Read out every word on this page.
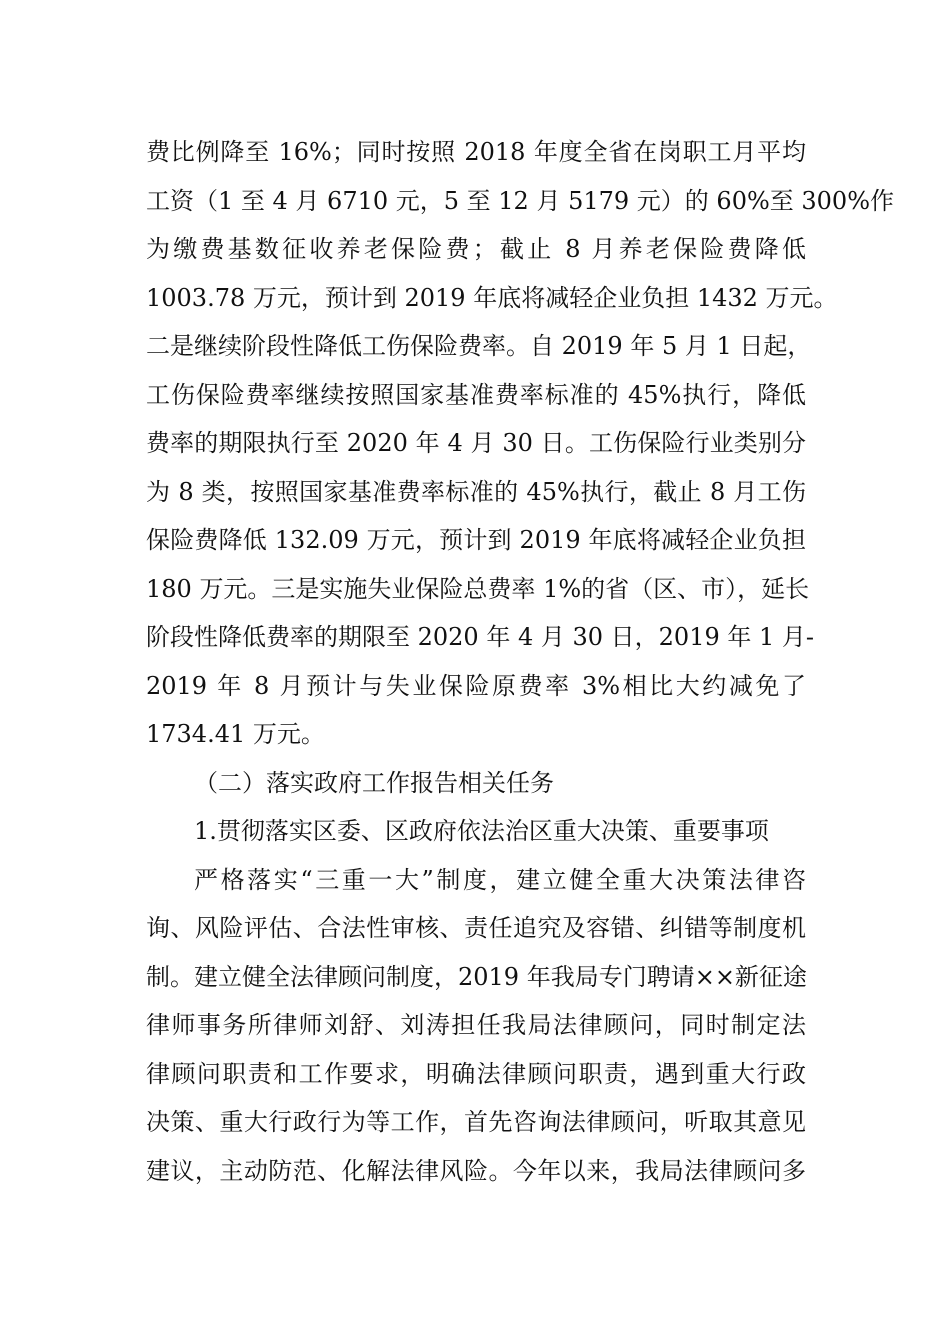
费比例降至 16%；同时按照 2018 年度全省在岗职工月平均
工资（1 至 4 月 6710 元，5 至 12 月 5179 元）的 60%至 300%作
为缴费基数征收养老保险费；截止 8 月养老保险费降低
1003.78 万元，预计到 2019 年底将减轻企业负担 1432 万元。
二是继续阶段性降低工伤保险费率。自 2019 年 5 月 1 日起，
工伤保险费率继续按照国家基准费率标准的 45%执行，降低
费率的期限执行至 2020 年 4 月 30 日。工伤保险行业类别分
为 8 类，按照国家基准费率标准的 45%执行，截止 8 月工伤
保险费降低 132.09 万元，预计到 2019 年底将减轻企业负担
180 万元。三是实施失业保险总费率 1%的省（区、市），延长
阶段性降低费率的期限至 2020 年 4 月 30 日，2019 年 1 月-
2019 年 8 月预计与失业保险原费率 3%相比大约减免了
1734.41 万元。
（二）落实政府工作报告相关任务
1.贯彻落实区委、区政府依法治区重大决策、重要事项
严格落实“三重一大”制度，建立健全重大决策法律咨
询、风险评估、合法性审核、责任追究及容错、纠错等制度机
制。建立健全法律顾问制度，2019 年我局专门聘请××新征途
律师事务所律师刘舒、刘涛担任我局法律顾问，同时制定法
律顾问职责和工作要求，明确法律顾问职责，遇到重大行政
决策、重大行政行为等工作，首先咨询法律顾问，听取其意见
建议，主动防范、化解法律风险。今年以来，我局法律顾问多
